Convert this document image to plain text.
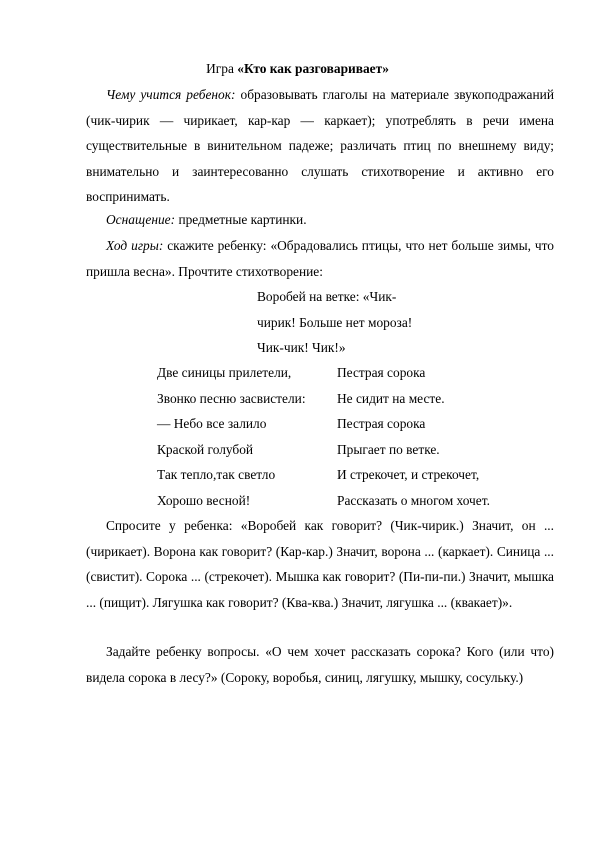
Игра «Кто как разговаривает»
Чему учится ребенок: образовывать глаголы на материале звукоподражаний (чик-чирик — чирикает, кар-кар — каркает); употреблять в речи имена существительные в винительном падеже; различать птиц по внешнему виду; внимательно и заинтересованно слушать стихотворение и активно его воспринимать.
Оснащение: предметные картинки.
Ход игры: скажите ребенку: «Обрадовались птицы, что нет больше зимы, что пришла весна». Прочтите стихотворение:
Воробей на ветке: «Чик-
чирик! Больше нет мороза!
Чик-чик! Чик!»
Две синицы прилетели,
Звонко песню засвистели:
— Небо все залило
Краской голубой
Так тепло,так светло
Хорошо весной!
Пестрая сорока
Не сидит на месте.
Пестрая сорока
Прыгает по ветке.
И стрекочет, и стрекочет,
Рассказать о многом хочет.
Спросите у ребенка: «Воробей как говорит? (Чик-чирик.) Значит, он ... (чирикает). Ворона как говорит? (Кар-кар.) Значит, ворона ... (каркает). Синица ... (свистит). Сорока ... (стрекочет). Мышка как говорит? (Пи-пи-пи.) Значит, мышка ... (пищит). Лягушка как говорит? (Ква-ква.) Значит, лягушка ... (квакает)».
Задайте ребенку вопросы. «О чем хочет рассказать сорока? Кого (или что) видела сорока в лесу?» (Сороку, воробья, синиц, лягушку, мышку, сосульку.)
